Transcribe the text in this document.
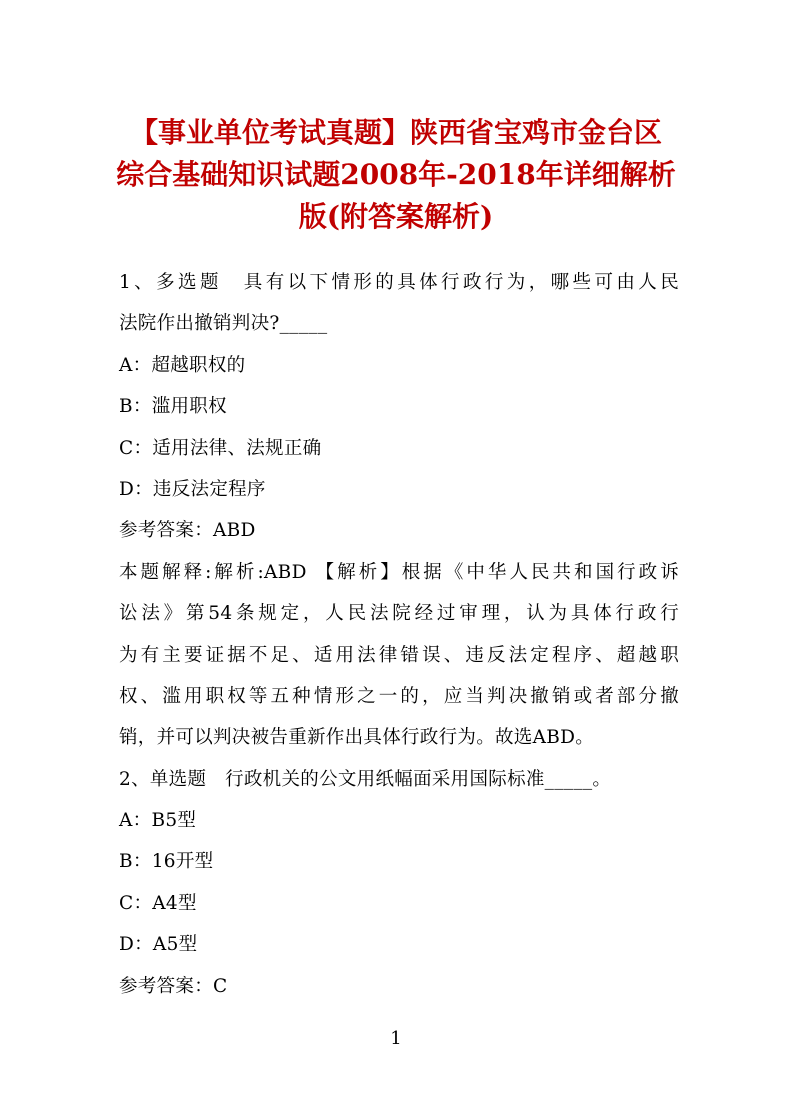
【事业单位考试真题】陕西省宝鸡市金台区
综合基础知识试题2008年-2018年详细解析
版(附答案解析)
1、多选题　具有以下情形的具体行政行为，哪些可由人民
法院作出撤销判决?_____
A：超越职权的
B：滥用职权
C：适用法律、法规正确
D：违反法定程序
参考答案：ABD
本题解释:解析:ABD 【解析】根据《中华人民共和国行政诉
讼法》第54条规定，人民法院经过审理，认为具体行政行
为有主要证据不足、适用法律错误、违反法定程序、超越职
权、滥用职权等五种情形之一的，应当判决撤销或者部分撤
销，并可以判决被告重新作出具体行政行为。故选ABD。
2、单选题　行政机关的公文用纸幅面采用国际标准_____。
A：B5型
B：16开型
C：A4型
D：A5型
参考答案：C
1
